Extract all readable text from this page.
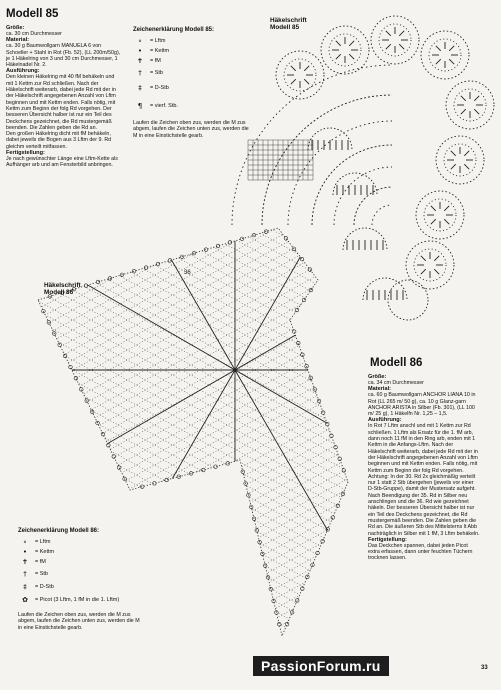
Modell 85
Größe:
ca. 30 cm Durchmesser
Material:
ca. 30 g Baumwollgarn MANUELA 6 von Schoeller + Stahl in Rot (Fb. 52), (LL 200m/50g), je 1 Häkelring von 3 und 30 cm Durchmesser, 1 Häkelnadel Nr. 2.
Ausführung:
Den kleinen Häkelring mit 40 fM behäkeln und mit 1 Kettm zur Rd schließen. Nach der Häkelschrift weiterarb, dabei jede Rd mit der in der Häkelschrift angegebenen Anzahl von Lftm beginnen und mit Kettm enden. Falls nötig, mit Kettm zum Beginn der folg Rd vorgehen. Der besseren Übersicht halber ist nur ein Teil des Deckchens gezeichnet, die Rd mustergemäß beenden. Die Zahlen geben die Rd an.
Den großen Häkelring dicht mit fM behäkeln, dabei jeweils die Bogen aus 3 Lftm der 9. Rd gleichm verteilt mitfassen.
Fertigstellung:
Je nach gewünschter Länge eine Lftm-Kette als Aufhänger arb und am Fensterbild anbringen.
Zeichenerklärung Modell 85:
∘	= Lftm
•	= Kettm
✝	= fM
†	= Stb
‡	= D-Stb
¶	= vierf. Stb.
Laufen die Zeichen oben zus, werden die M zus abgem, laufen die Zeichen unten zus, werden die M in eine Einstichstelle gearb.
Häkelschrift
Modell 85
Häkelschrift
Modell 86
36
Modell 86
Größe:
ca. 34 cm Durchmesser
Material:
ca. 60 g Baumwollgarn ANCHOR LIANA 10 in Rot (LL 265 m/ 50 g), ca. 10 g Glanz-garn ANCHOR ARISTA in Silber (Fb. 301), (LL 100 m/ 25 g), 1 Häkelfn Nr. 1,25 – 1,5.
Ausführung:
In Rot 7 Lftm anschl und mit 1 Kettm zur Rd schließen. 1 Lftm als Ersatz für die 1. fM arb, dann noch 11 fM in den Ring arb, enden mit 1 Kettm in die Anfangs-Lftm. Nach der Häkelschrift weiterarb, dabei jede Rd mit der in der Häkelschrift angegebenen Anzahl von Lftm beginnen und mit Kettm enden. Falls nötig, mit Kettm zum Beginn der folg Rd vorgehen.
Achtung: In der 30. Rd 2x gleichmäßig verteilt nur 1 statt 2 Stb übergehen (jeweils vor einer D-Stb-Gruppe), damit der Mustersatz aufgeht. Nach Beendigung der 35. Rd in Silber neu anschlingen und die 36. Rd wie gezeichnet häkeln. Der besseren Übersicht halber ist nur ein Teil des Deckchens gezeichnet, die Rd mustergemäß beenden. Die Zahlen geben die Rd an. Die äußeren Stb des Mittelsterns lt Abb nachträglich in Silber mit 1 fM, 3 Lftm behäkeln.
Fertigstellung:
Das Deckchen spannen, dabei jeden Picot extra erfassen, dann unter feuchten Tüchern trocknen lassen.
Zeichenerklärung Modell 86:
∘	= Lftm
•	= Kettm
✝	= fM
†	= Stb
‡	= D-Stb
✿	= Picot (3 Lftm, 1 fM in die 1. Lftm)
Laufen die Zeichen oben zus, werden die M zus abgem, laufen die Zeichen unten zus, werden die M in eine Einstichstelle gearb.
PassionForum.ru	33
